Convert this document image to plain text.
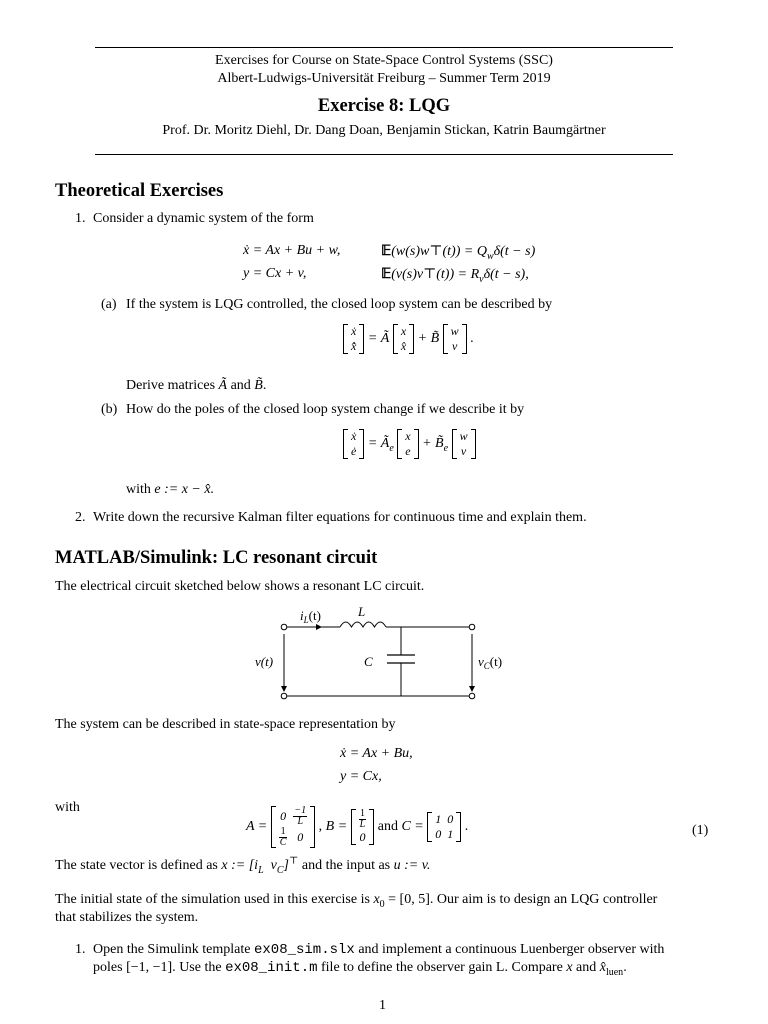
Exercises for Course on State-Space Control Systems (SSC)
Albert-Ludwigs-Universität Freiburg – Summer Term 2019
Exercise 8: LQG
Prof. Dr. Moritz Diehl, Dr. Dang Doan, Benjamin Stickan, Katrin Baumgärtner
Theoretical Exercises
1. Consider a dynamic system of the form
ẋ = Ax + Bu + w,
y = Cx + v,
𝔼(w(s)w⊤(t)) = $Q_w\delta(t - s)$
𝔼(v(s)v⊤(t)) = $R_v\delta(t - s)$,
(a) If the system is LQG controlled, the closed loop system can be described by
ẋ
x̂̇ = Ã
x
x̂ + B̃
w
v .
Derive matrices Ã and B̃.
(b) How do the poles of the closed loop system change if we describe it by
ẋ
ė = $Ã_e$
x
$e + B̃_e$
w
v
with e := x − x̂.
2. Write down the recursive Kalman filter equations for continuous time and explain them.
MATLAB/Simulink: LC resonant circuit
The electrical circuit sketched below shows a resonant LC circuit.
$i_L(t)$	L
C
v(t)	$v_C(t)$
The system can be described in state-space representation by
ẋ = Ax + Bu,
y = Cx,
with
A =
0	$\frac{-1}{L}$

$\frac{1}{C}$	0
, $B = \frac{1}{L}$

0
and C =
1	0
0	1 .	(1)
The state vector is defined as x := [$i_L$  $v_C]^⊤$ and the input as u := v.
The initial state of the simulation used in this exercise is $x_0 = [0$, 5]. Our aim is to design an LQG controller
that stabilizes the system.
1. Open the Simulink template ex08_sim.slx and implement a continuous Luenberger observer with
poles [−1, −1]. Use the ex08_init.m file to define the observer gain L. Compare x and $x̂_{luen}$.
1
